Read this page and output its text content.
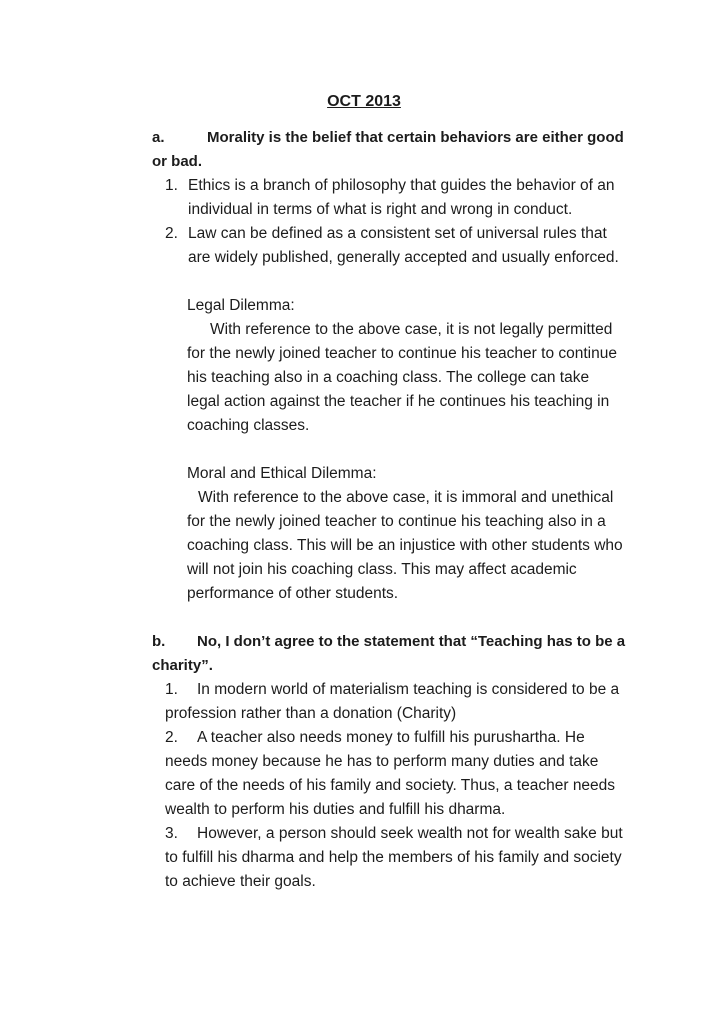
OCT 2013

a.	Morality is the belief that certain behaviors are either good or bad.

1. Ethics is a branch of philosophy that guides the behavior of an individual in terms of what is right and wrong in conduct.
2. Law can be defined as a consistent set of universal rules that are widely published, generally accepted and usually enforced.

Legal Dilemma:

With reference to the above case, it is not legally permitted for the newly joined teacher to continue his teacher to continue his teaching also in a coaching class. The college can take legal action against the teacher if he continues his teaching in coaching classes.

Moral and Ethical Dilemma:

With reference to the above case, it is immoral and unethical for the newly joined teacher to continue his teaching also in a coaching class. This will be an injustice with other students who will not join his coaching class. This may affect academic performance of other students.

b. No, I don’t agree to the statement that “Teaching has to be a charity”.

1. In modern world of materialism teaching is considered to be a profession rather than a donation (Charity)

2. A teacher also needs money to fulfill his purushartha. He needs money because he has to perform many duties and take care of the needs of his family and society. Thus, a teacher needs wealth to perform his duties and fulfill his dharma.

3. However, a person should seek wealth not for wealth sake but to fulfill his dharma and help the members of his family and society to achieve their goals.
